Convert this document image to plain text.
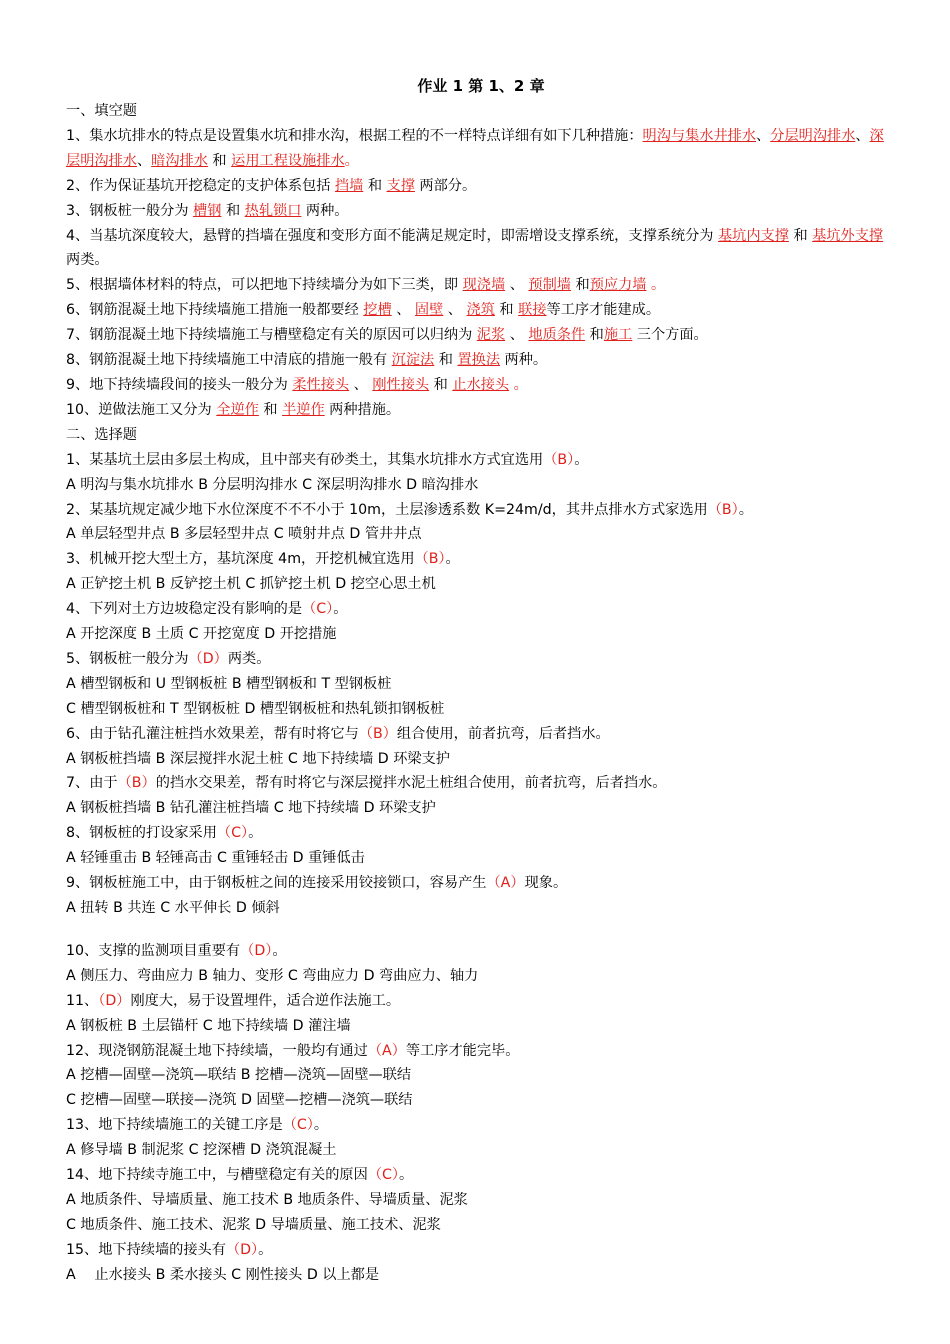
作业 1 第 1、2 章
一、填空题
1、集水坑排水的特点是设置集水坑和排水沟，根据工程的不一样特点详细有如下几种措施：明沟与集水井排水、分层明沟排水、深层明沟排水、暗沟排水 和 运用工程设施排水。
2、作为保证基坑开挖稳定的支护体系包括 挡墙 和 支撑 两部分。
3、钢板桩一般分为 槽钢 和 热轧锁口 两种。
4、当基坑深度较大，悬臂的挡墙在强度和变形方面不能满足规定时，即需增设支撑系统，支撑系统分为 基坑内支撑 和 基坑外支撑 两类。
5、根据墙体材料的特点，可以把地下持续墙分为如下三类，即 现浇墙 、 预制墙 和预应力墙 。
6、钢筋混凝土地下持续墙施工措施一般都要经 挖槽 、 固壁 、 浇筑 和 联接等工序才能建成。
7、钢筋混凝土地下持续墙施工与槽壁稳定有关的原因可以归纳为 泥浆 、 地质条件 和施工 三个方面。
8、钢筋混凝土地下持续墙施工中清底的措施一般有 沉淀法 和 置换法 两种。
9、地下持续墙段间的接头一般分为 柔性接头 、 刚性接头 和 止水接头 。
10、逆做法施工又分为 全逆作 和 半逆作 两种措施。
二、选择题
1、某基坑土层由多层土构成，且中部夹有砂类土，其集水坑排水方式宜选用（B）。
A 明沟与集水坑排水 B 分层明沟排水 C 深层明沟排水 D 暗沟排水
2、某基坑规定减少地下水位深度不不不小于 10m，土层渗透系数 K=24m/d，其井点排水方式家选用（B）。
A 单层轻型井点 B 多层轻型井点 C 喷射井点 D 管井井点
3、机械开挖大型土方，基坑深度 4m，开挖机械宜选用（B）。
A 正铲挖土机 B 反铲挖土机 C 抓铲挖土机 D 挖空心思土机
4、下列对土方边坡稳定没有影响的是（C）。
A 开挖深度 B 土质 C 开挖宽度 D 开挖措施
5、钢板桩一般分为（D）两类。
A 槽型钢板和 U 型钢板桩 B 槽型钢板和 T 型钢板桩
C 槽型钢板桩和 T 型钢板桩 D 槽型钢板桩和热轧锁扣钢板桩
6、由于钻孔灌注桩挡水效果差，帮有时将它与（B）组合使用，前者抗弯，后者挡水。
A 钢板桩挡墙 B 深层搅拌水泥土桩 C 地下持续墙 D 环梁支护
7、由于（B）的挡水交果差，帮有时将它与深层搅拌水泥土桩组合使用，前者抗弯，后者挡水。
A 钢板桩挡墙 B 钻孔灌注桩挡墙 C 地下持续墙 D 环梁支护
8、钢板桩的打设家采用（C）。
A 轻锤重击 B 轻锤高击 C 重锤轻击 D 重锤低击
9、钢板桩施工中，由于钢板桩之间的连接采用铰接锁口，容易产生（A）现象。
A 扭转 B 共连 C 水平伸长 D 倾斜
10、支撑的监测项目重要有（D）。
A 侧压力、弯曲应力 B 轴力、变形 C 弯曲应力 D 弯曲应力、轴力
11、（D）刚度大，易于设置埋件，适合逆作法施工。
A 钢板桩 B 土层锚杆 C 地下持续墙 D 灌注墙
12、现浇钢筋混凝土地下持续墙，一般均有通过（A）等工序才能完毕。
A 挖槽—固壁—浇筑—联结 B 挖槽—浇筑—固壁—联结
C 挖槽—固壁—联接—浇筑 D 固壁—挖槽—浇筑—联结
13、地下持续墙施工的关键工序是（C）。
A 修导墙 B 制泥浆 C 挖深槽 D 浇筑混凝土
14、地下持续寺施工中，与槽壁稳定有关的原因（C）。
A 地质条件、导墙质量、施工技术 B 地质条件、导墙质量、泥浆
C 地质条件、施工技术、泥浆 D 导墙质量、施工技术、泥浆
15、地下持续墙的接头有（D）。
A　 止水接头 B 柔水接头 C 刚性接头 D 以上都是
